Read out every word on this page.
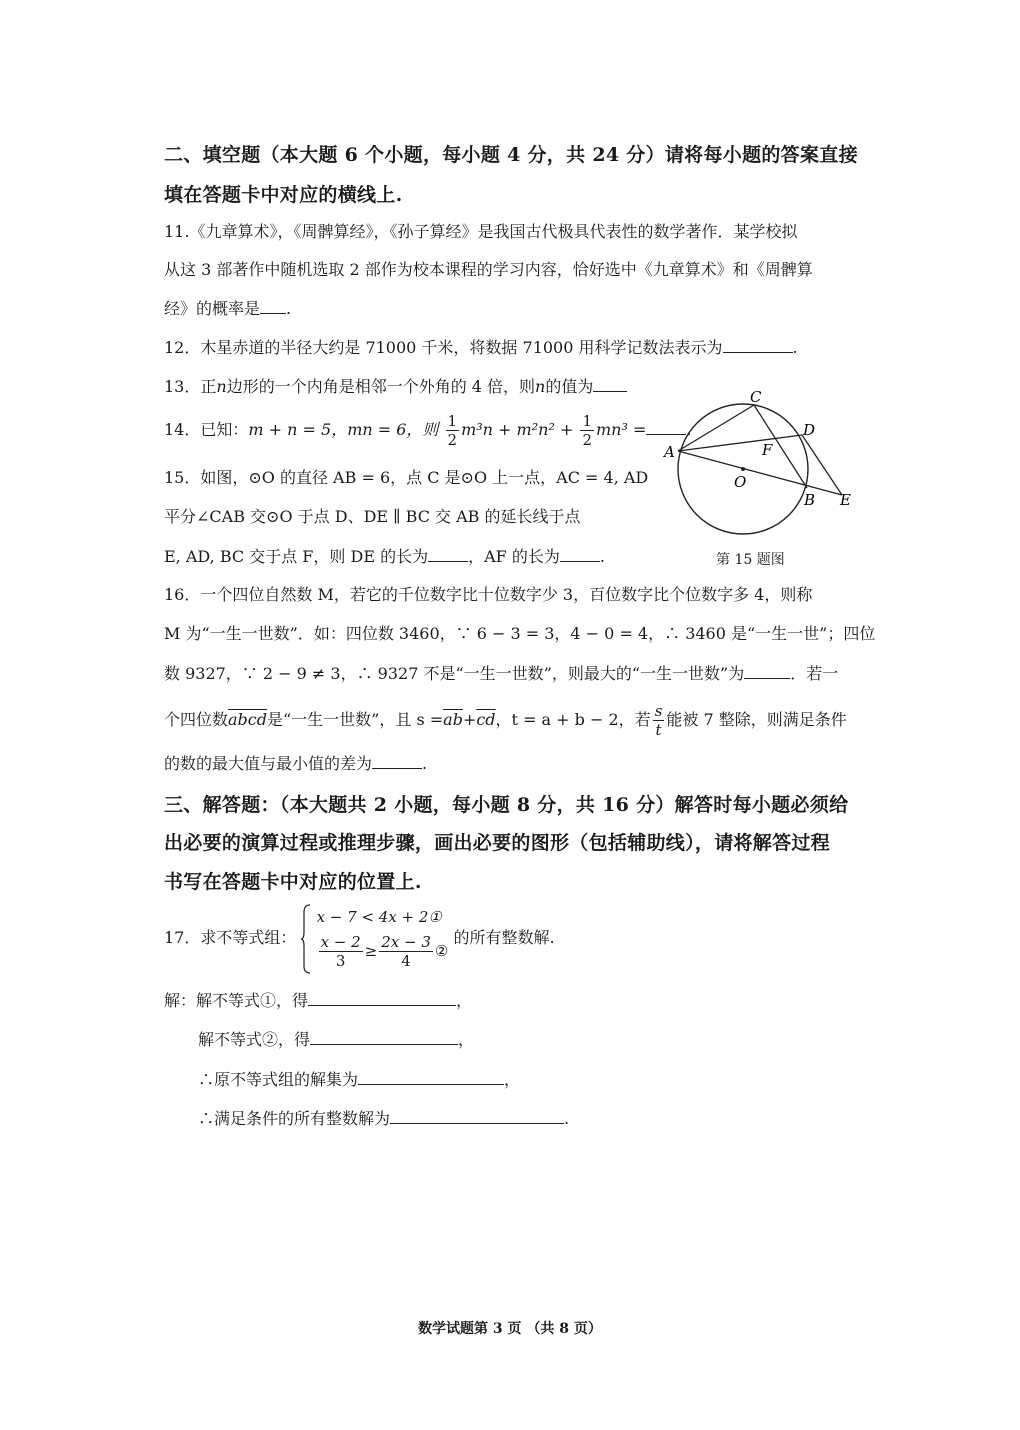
二、填空题（本大题 6 个小题，每小题 4 分，共 24 分）请将每小题的答案直接
填在答题卡中对应的横线上.
11.《九章算术》，《周髀算经》，《孙子算经》是我国古代极具代表性的数学著作．某学校拟
从这 3 部著作中随机选取 2 部作为校本课程的学习内容，恰好选中《九章算术》和《周髀算
经》的概率是 .
12．木星赤道的半径大约是 71000 千米，将数据 71000 用科学记数法表示为	.
13．正n边形的一个内角是相邻一个外角的 4 倍，则n的值为
14．已知：m + n = 5，mn = 6，则 $\frac{1}{2} m^3n + m^2n^2 + \frac{1}{2} mn^3$ =	.
15．如图，⊙O 的直径 AB = 6，点 C 是⊙O 上一点，AC = 4, AD
平分∠CAB 交⊙O 于点 D、DE ∥ BC 交 AB 的延长线于点
E, AD, BC 交于点 F，则 DE 的长为	，AF 的长为	.
C
D
A	F
O
B E
第 15 题图
16．一个四位自然数 M，若它的千位数字比十位数字少 3，百位数字比个位数字多 4，则称
M 为“一生一世数”．如：四位数 3460，∵ 6 − 3 = 3，4 − 0 = 4，∴ 3460 是“一生一世”；四位
数 9327，∵ 2 − 9 ≠ 3，∴ 9327 不是“一生一世数”，则最大的“一生一世数”为	．若一
个四位数abcd是“一生一世数”，且 $s =\overline{ab}+\overline{cd}$，t = a + b − 2，若 $\frac{s}{t}$ 能被 7 整除，则满足条件
的数的最大值与最小值的差为	.
三、解答题：（本大题共 2 小题，每小题 8 分，共 16 分）解答时每小题必须给
出必要的演算过程或推理步骤，画出必要的图形（包括辅助线），请将解答过程
书写在答题卡中对应的位置上.
17．求不等式组：
x − 7 < 4x + 2①
$\frac{x - 2}{3} \ge \frac{2x - 3}{4}$ ②
的所有整数解.
解：解不等式①，得	，
解不等式②，得	，
∴原不等式组的解集为	，
∴满足条件的所有整数解为	.
数学试题第 3 页 （共 8 页）
